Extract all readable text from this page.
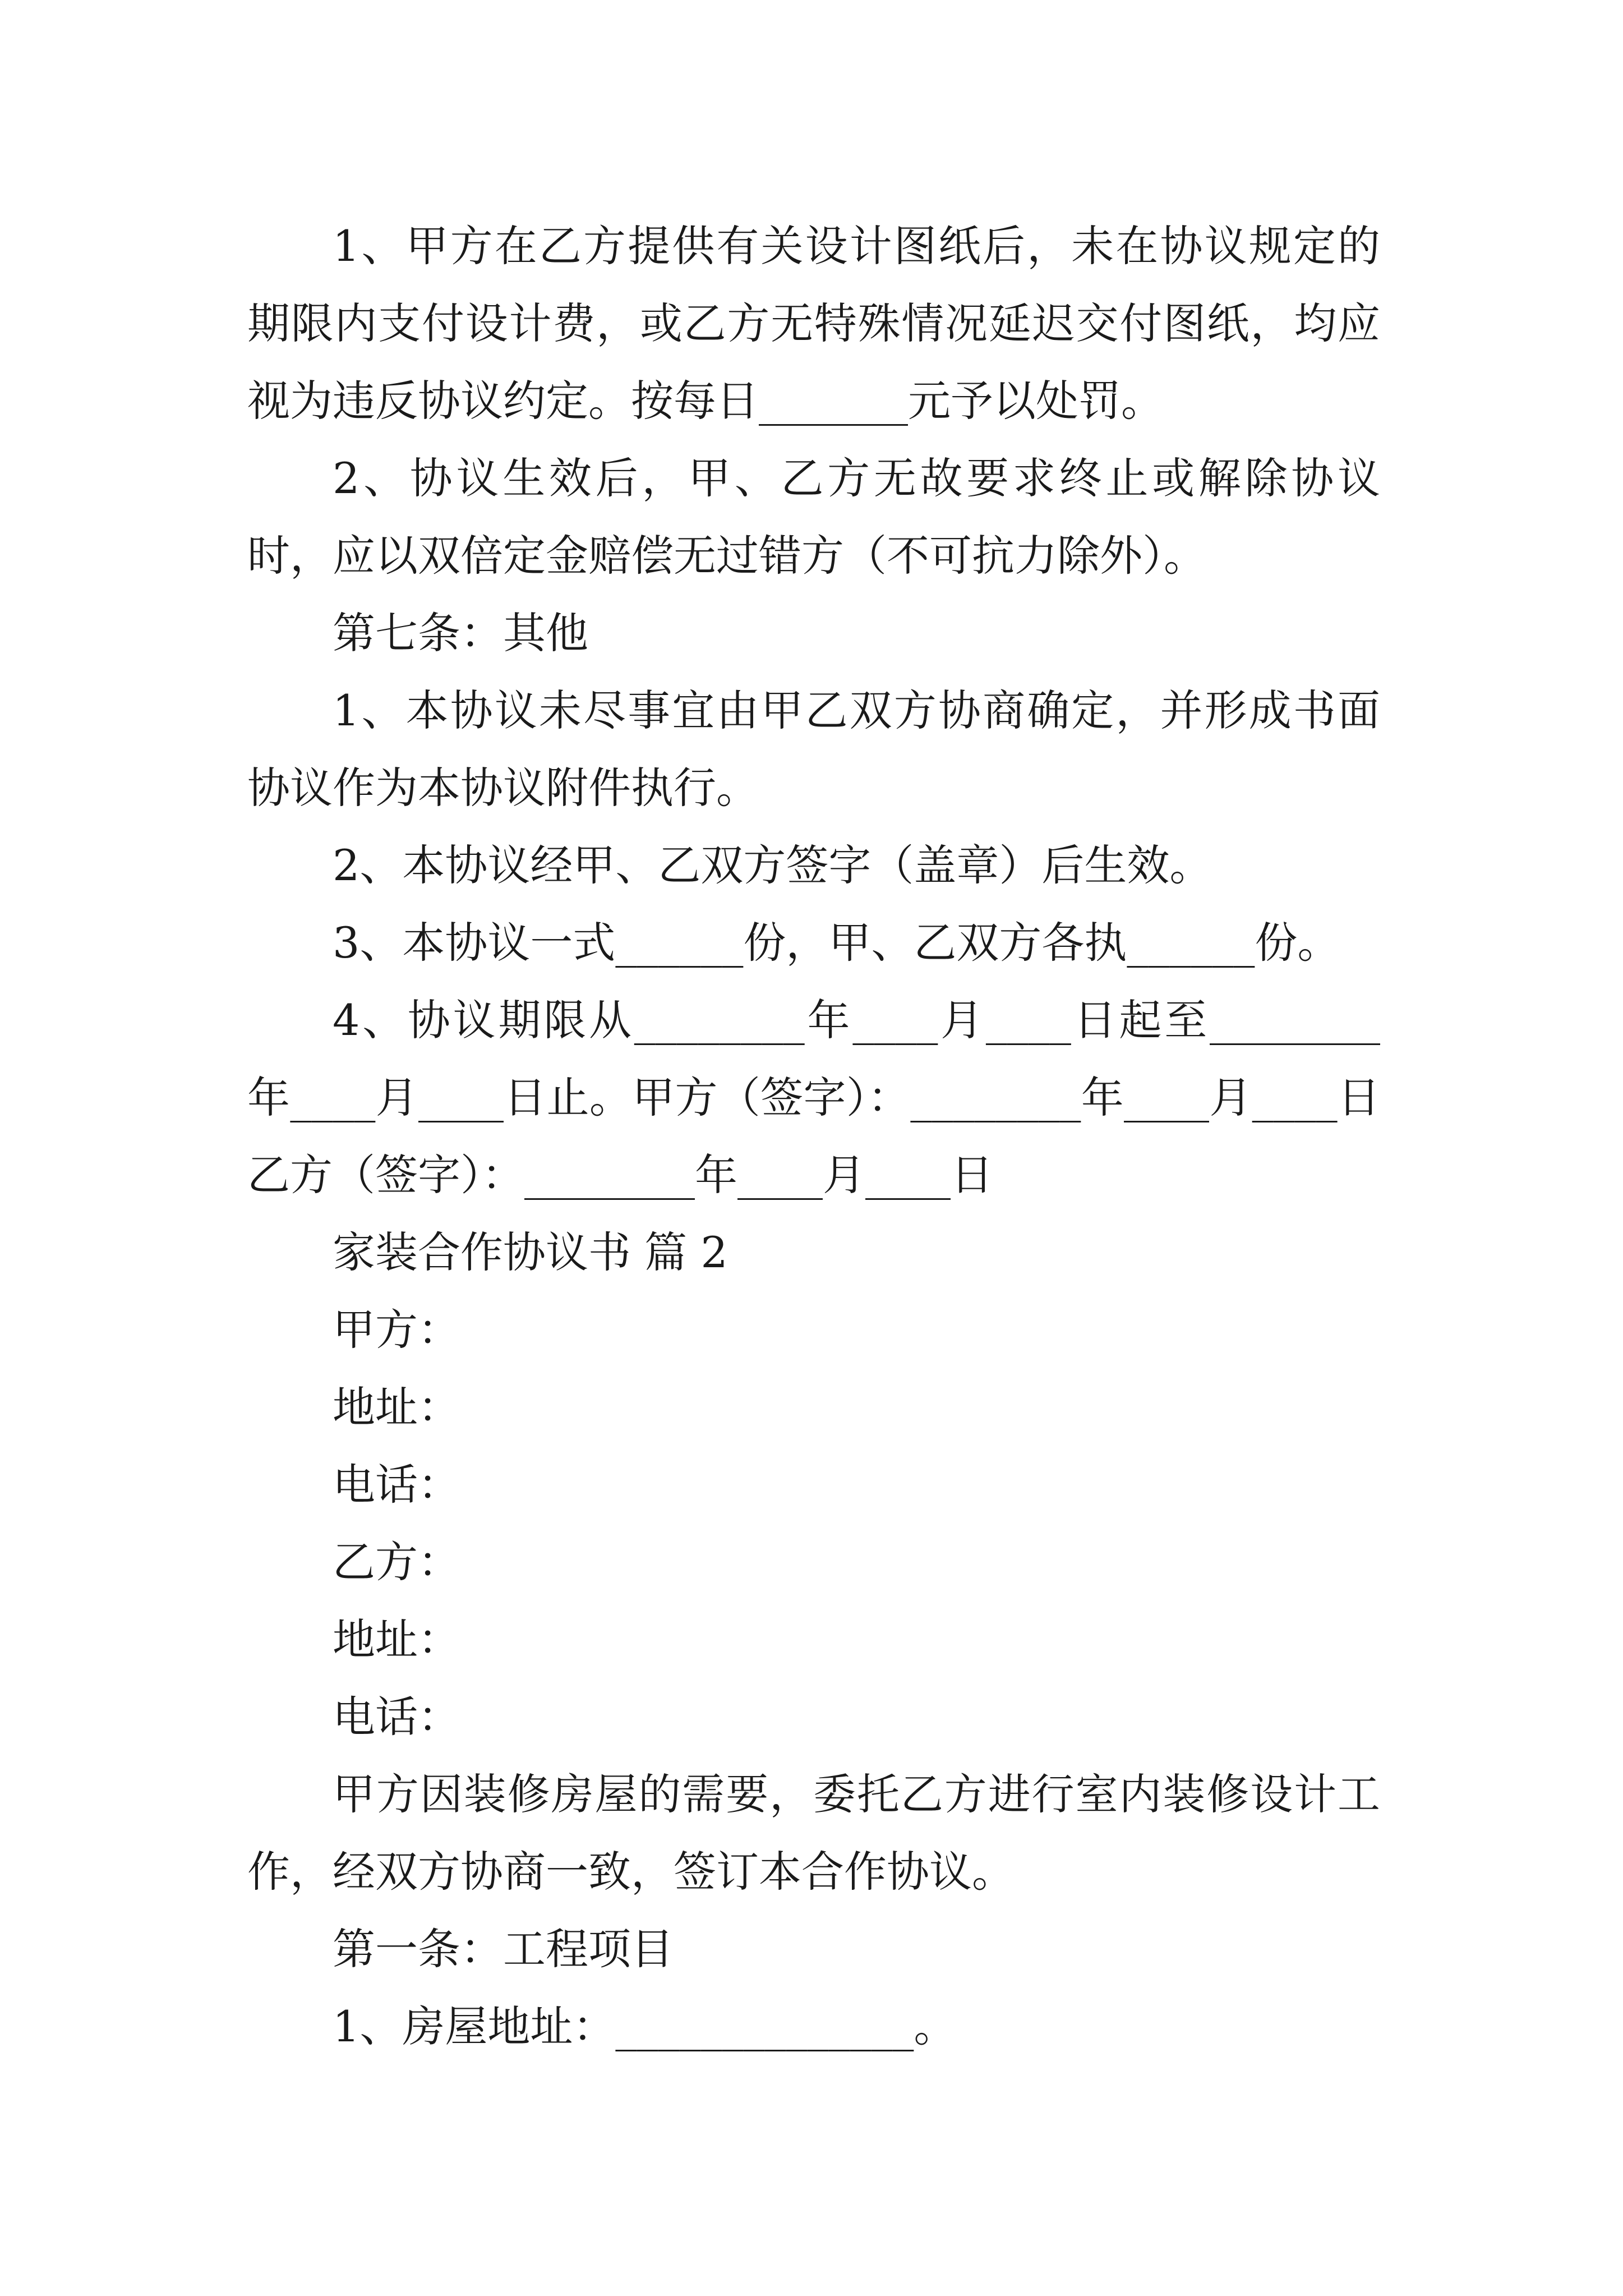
1、甲方在乙方提供有关设计图纸后，未在协议规定的期限内支付设计费，或乙方无特殊情况延迟交付图纸，均应视为违反协议约定。按每日_______元予以处罚。

2、协议生效后，甲、乙方无故要求终止或解除协议时，应以双倍定金赔偿无过错方（不可抗力除外）。

第七条：其他

1、本协议未尽事宜由甲乙双方协商确定，并形成书面协议作为本协议附件执行。

2、本协议经甲、乙双方签字（盖章）后生效。

3、本协议一式______份，甲、乙双方各执______份。

4、协议期限从________年____月____日起至________年____月____日止。甲方（签字）：________年____月____日乙方（签字）：________年____月____日

家装合作协议书 篇 2

甲方：

地址：

电话：

乙方：

地址：

电话：

甲方因装修房屋的需要，委托乙方进行室内装修设计工作，经双方协商一致，签订本合作协议。

第一条：工程项目

1、房屋地址：______________。
